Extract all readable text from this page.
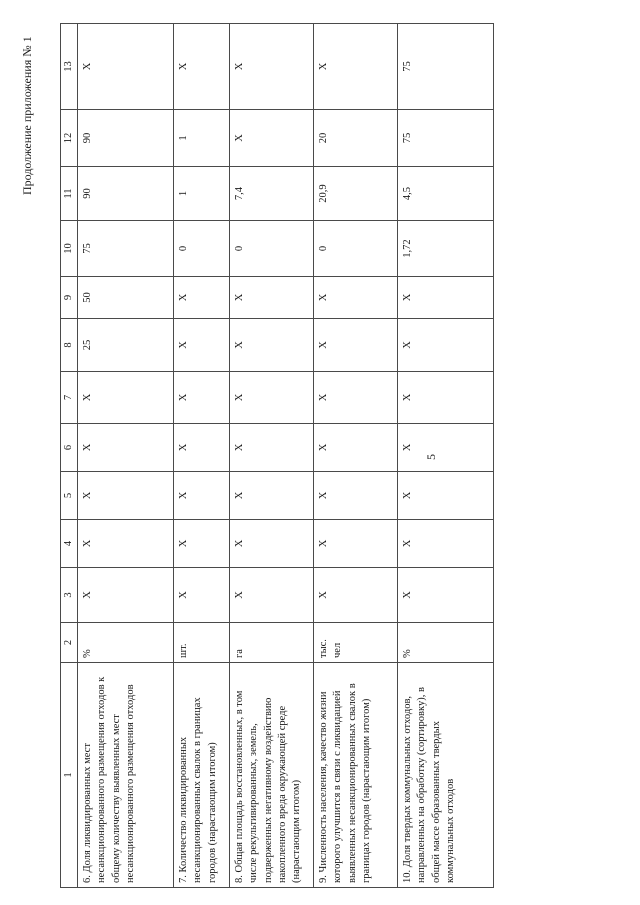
5
Продолжение приложения № 1
1	2	3	4	5	6	7	8	9	10	11	12	13
6. Доля ликвидированных мест несанкционированного размещения отходов к общему количеству выявленных мест несанкционированного размещения отходов	%	Х	Х	Х	Х	Х	25	50	75	90	90	Х
7. Количество ликвидированных несанкционированных свалок в границах городов (нарастающим итогом)	шт.	Х	Х	Х	Х	Х	Х	Х	0	1	1	Х
8. Общая площадь восстановленных, в том числе рекультивированных, земель, подверженных негативному воздействию накопленного вреда окружающей среде (нарастающим итогом)	га	Х	Х	Х	Х	Х	Х	Х	0	7,4	Х	Х
9. Численность населения, качество жизни которого улучшится в связи с ликвидацией выявленных несанкционированных свалок в границах городов (нарастающим итогом)	тыс. чел	Х	Х	Х	Х	Х	Х	Х	0	20,9	20	Х
10. Доля твердых коммунальных отходов, направленных на обработку (сортировку), в общей массе образованных твердых коммунальных отходов	%	Х	Х	Х	Х	Х	Х	Х	1,72	4,5	75	75
